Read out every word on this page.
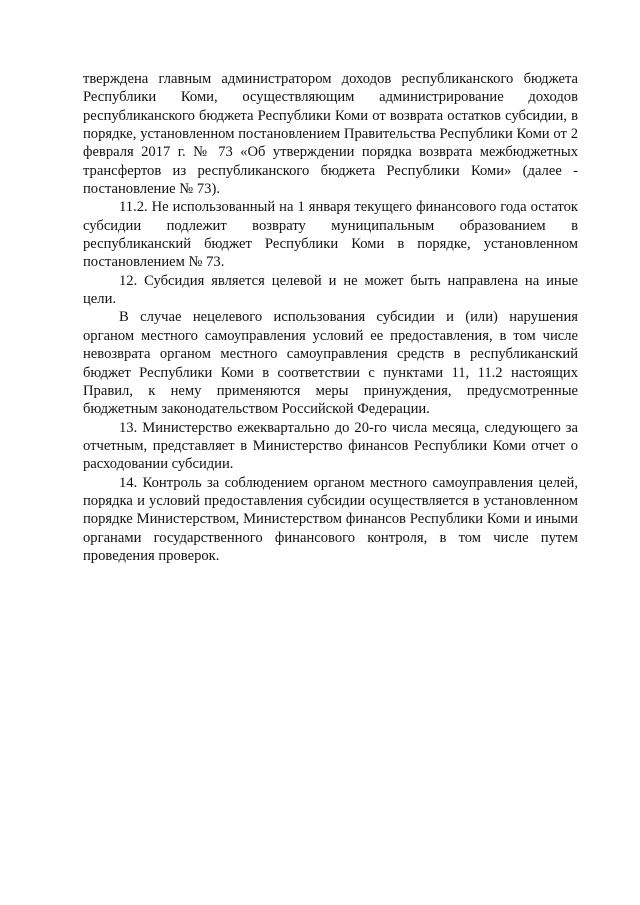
тверждена главным администратором доходов республиканского бюджета Республики Коми, осуществляющим администрирование доходов республиканского бюджета Республики Коми от возврата остатков субсидии, в порядке, установленном постановлением Правительства Республики Коми от 2 февраля 2017 г. № 73 «Об утверждении порядка возврата межбюджетных трансфертов из республиканского бюджета Республики Коми» (далее - постановление № 73).

11.2. Не использованный на 1 января текущего финансового года остаток субсидии подлежит возврату муниципальным образованием в республиканский бюджет Республики Коми в порядке, установленном постановлением № 73.

12. Субсидия является целевой и не может быть направлена на иные цели.

В случае нецелевого использования субсидии и (или) нарушения органом местного самоуправления условий ее предоставления, в том числе невозврата органом местного самоуправления средств в республиканский бюджет Республики Коми в соответствии с пунктами 11, 11.2 настоящих Правил, к нему применяются меры принуждения, предусмотренные бюджетным законодательством Российской Федерации.

13. Министерство ежеквартально до 20-го числа месяца, следующего за отчетным, представляет в Министерство финансов Республики Коми отчет о расходовании субсидии.

14. Контроль за соблюдением органом местного самоуправления целей, порядка и условий предоставления субсидии осуществляется в установленном порядке Министерством, Министерством финансов Республики Коми и иными органами государственного финансового контроля, в том числе путем проведения проверок.
